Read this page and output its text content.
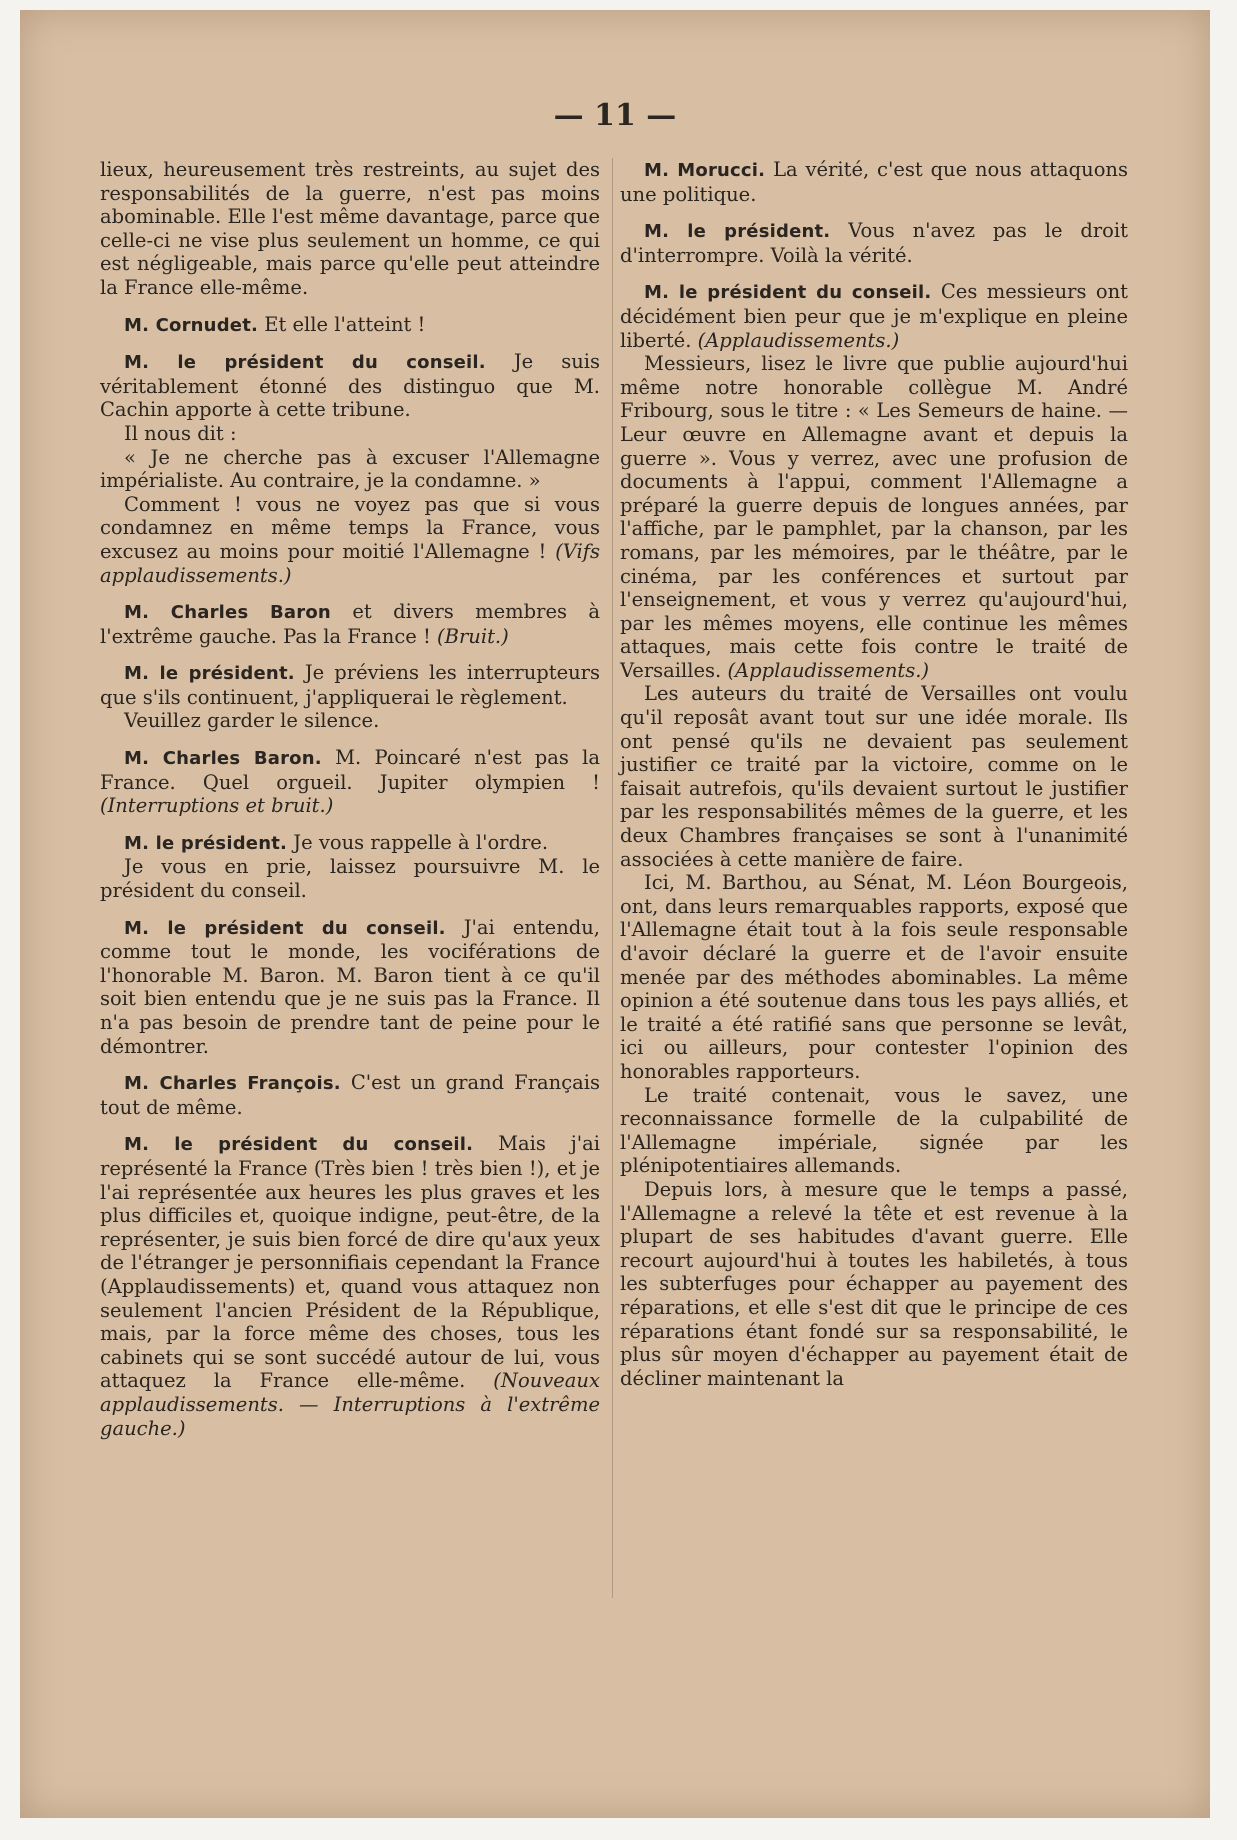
— 11 —

lieux, heureusement très restreints, au sujet des responsabilités de la guerre, n'est pas moins abominable. Elle l'est même davantage, parce que celle-ci ne vise plus seulement un homme, ce qui est négligeable, mais parce qu'elle peut atteindre la France elle-même.

M. Cornudet. Et elle l'atteint !

M. le président du conseil. Je suis véritablement étonné des distinguo que M. Cachin apporte à cette tribune.

Il nous dit :

« Je ne cherche pas à excuser l'Allemagne impérialiste. Au contraire, je la condamne. »

Comment ! vous ne voyez pas que si vous condamnez en même temps la France, vous excusez au moins pour moitié l'Allemagne ! (Vifs applaudissements.)

M. Charles Baron et divers membres à l'extrême gauche. Pas la France ! (Bruit.)

M. le président. Je préviens les interrupteurs que s'ils continuent, j'appliquerai le règlement.

Veuillez garder le silence.

M. Charles Baron. M. Poincaré n'est pas la France. Quel orgueil. Jupiter olympien ! (Interruptions et bruit.)

M. le président. Je vous rappelle à l'ordre.

Je vous en prie, laissez poursuivre M. le président du conseil.

M. le président du conseil. J'ai entendu, comme tout le monde, les vociférations de l'honorable M. Baron. M. Baron tient à ce qu'il soit bien entendu que je ne suis pas la France. Il n'a pas besoin de prendre tant de peine pour le démontrer.

M. Charles François. C'est un grand Français tout de même.

M. le président du conseil. Mais j'ai représenté la France (Très bien ! très bien !), et je l'ai représentée aux heures les plus graves et les plus difficiles et, quoique indigne, peut-être, de la représenter, je suis bien forcé de dire qu'aux yeux de l'étranger je personnifiais cependant la France (Applaudissements) et, quand vous attaquez non seulement l'ancien Président de la République, mais, par la force même des choses, tous les cabinets qui se sont succédé autour de lui, vous attaquez la France elle-même. (Nouveaux applaudissements. — Interruptions à l'extrême gauche.)

M. Morucci. La vérité, c'est que nous attaquons une politique.

M. le président. Vous n'avez pas le droit d'interrompre. Voilà la vérité.

M. le président du conseil. Ces messieurs ont décidément bien peur que je m'explique en pleine liberté. (Applaudissements.)

Messieurs, lisez le livre que publie aujourd'hui même notre honorable collègue M. André Fribourg, sous le titre : « Les Semeurs de haine. — Leur œuvre en Allemagne avant et depuis la guerre ». Vous y verrez, avec une profusion de documents à l'appui, comment l'Allemagne a préparé la guerre depuis de longues années, par l'affiche, par le pamphlet, par la chanson, par les romans, par les mémoires, par le théâtre, par le cinéma, par les conférences et surtout par l'enseignement, et vous y verrez qu'aujourd'hui, par les mêmes moyens, elle continue les mêmes attaques, mais cette fois contre le traité de Versailles. (Applaudissements.)

Les auteurs du traité de Versailles ont voulu qu'il reposât avant tout sur une idée morale. Ils ont pensé qu'ils ne devaient pas seulement justifier ce traité par la victoire, comme on le faisait autrefois, qu'ils devaient surtout le justifier par les responsabilités mêmes de la guerre, et les deux Chambres françaises se sont à l'unanimité associées à cette manière de faire.

Ici, M. Barthou, au Sénat, M. Léon Bourgeois, ont, dans leurs remarquables rapports, exposé que l'Allemagne était tout à la fois seule responsable d'avoir déclaré la guerre et de l'avoir ensuite menée par des méthodes abominables. La même opinion a été soutenue dans tous les pays alliés, et le traité a été ratifié sans que personne se levât, ici ou ailleurs, pour contester l'opinion des honorables rapporteurs.

Le traité contenait, vous le savez, une reconnaissance formelle de la culpabilité de l'Allemagne impériale, signée par les plénipotentiaires allemands.

Depuis lors, à mesure que le temps a passé, l'Allemagne a relevé la tête et est revenue à la plupart de ses habitudes d'avant guerre. Elle recourt aujourd'hui à toutes les habiletés, à tous les subterfuges pour échapper au payement des réparations, et elle s'est dit que le principe de ces réparations étant fondé sur sa responsabilité, le plus sûr moyen d'échapper au payement était de décliner maintenant la
